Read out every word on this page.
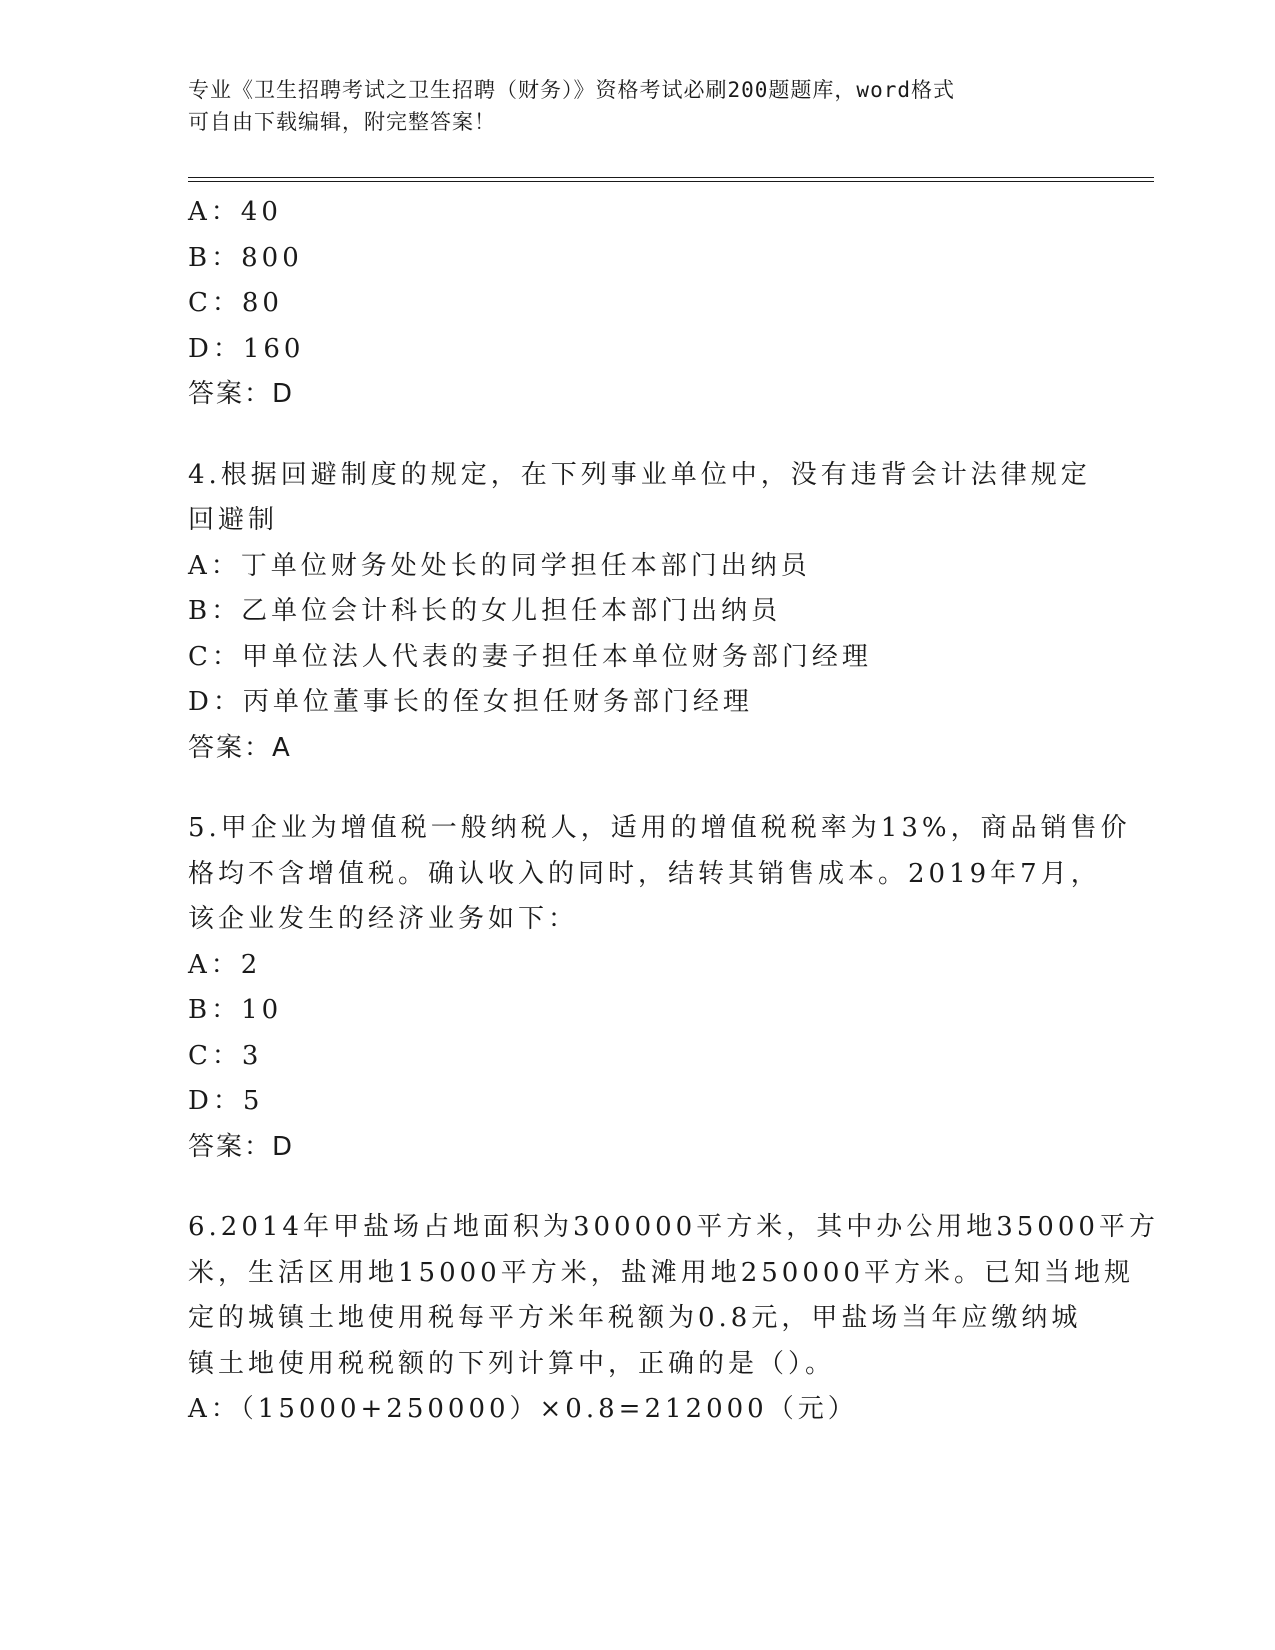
专业《卫生招聘考试之卫生招聘（财务）》资格考试必刷200题题库，word格式
可自由下载编辑，附完整答案！
A：40
B：800
C：80
D：160
答案：D
4.根据回避制度的规定，在下列事业单位中，没有违背会计法律规定
回避制
A：丁单位财务处处长的同学担任本部门出纳员
B：乙单位会计科长的女儿担任本部门出纳员
C：甲单位法人代表的妻子担任本单位财务部门经理
D：丙单位董事长的侄女担任财务部门经理
答案：A
5.甲企业为增值税一般纳税人，适用的增值税税率为13%，商品销售价
格均不含增值税。确认收入的同时，结转其销售成本。2019年7月，
该企业发生的经济业务如下：
A：2
B：10
C：3
D：5
答案：D
6.2014年甲盐场占地面积为300000平方米，其中办公用地35000平方
米，生活区用地15000平方米，盐滩用地250000平方米。已知当地规
定的城镇土地使用税每平方米年税额为0.8元，甲盐场当年应缴纳城
镇土地使用税税额的下列计算中，正确的是（）。
A：（15000+250000）×0.8=212000（元）
